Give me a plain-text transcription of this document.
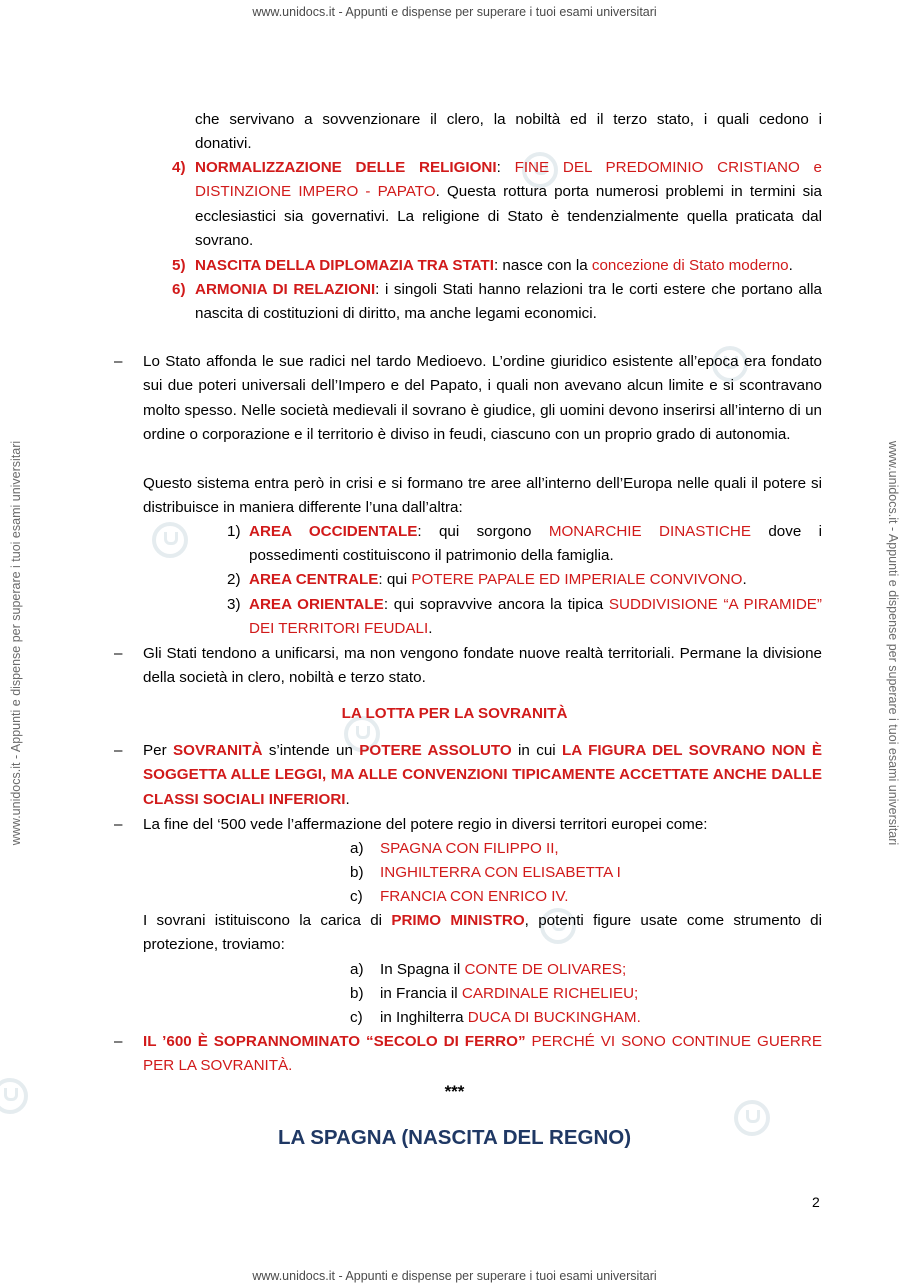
www.unidocs.it - Appunti e dispense per superare i tuoi esami universitari
www.unidocs.it - Appunti e dispense per superare i tuoi esami universitari
www.unidocs.it - Appunti e dispense per superare i tuoi esami universitari	www.unidocs.it - Appunti e dispense per superare i tuoi esami universitari
che servivano a sovvenzionare il clero, la nobiltà ed il terzo stato, i quali cedono i
donativi.
4) NORMALIZZAZIONE DELLE RELIGIONI: FINE DEL PREDOMINIO CRISTIANO e DISTINZIONE IMPERO - PAPATO. Questa rottura porta numerosi problemi in termini sia ecclesiastici sia governativi. La religione di Stato è tendenzialmente quella praticata dal sovrano.
5) NASCITA DELLA DIPLOMAZIA TRA STATI: nasce con la concezione di Stato moderno.
6) ARMONIA DI RELAZIONI: i singoli Stati hanno relazioni tra le corti estere che portano alla nascita di costituzioni di diritto, ma anche legami economici.
– Lo Stato affonda le sue radici nel tardo Medioevo. L’ordine giuridico esistente all’epoca era fondato sui due poteri universali dell’Impero e del Papato, i quali non avevano alcun limite e si scontravano molto spesso. Nelle società medievali il sovrano è giudice, gli uomini devono inserirsi all’interno di un ordine o corporazione e il territorio è diviso in feudi, ciascuno con un proprio grado di autonomia.
Questo sistema entra però in crisi e si formano tre aree all’interno dell’Europa nelle quali il potere si distribuisce in maniera differente l’una dall’altra:
1) AREA OCCIDENTALE: qui sorgono MONARCHIE DINASTICHE dove i possedimenti costituiscono il patrimonio della famiglia.
2) AREA CENTRALE: qui POTERE PAPALE ED IMPERIALE CONVIVONO.
3) AREA ORIENTALE: qui sopravvive ancora la tipica SUDDIVISIONE “A PIRAMIDE” DEI TERRITORI FEUDALI.
– Gli Stati tendono a unificarsi, ma non vengono fondate nuove realtà territoriali. Permane la divisione della società in clero, nobiltà e terzo stato.
LA LOTTA PER LA SOVRANITÀ
– Per SOVRANITÀ s’intende un POTERE ASSOLUTO in cui LA FIGURA DEL SOVRANO NON È SOGGETTA ALLE LEGGI, MA ALLE CONVENZIONI TIPICAMENTE ACCETTATE ANCHE DALLE CLASSI SOCIALI INFERIORI.
– La fine del ‘500 vede l’affermazione del potere regio in diversi territori europei come:
a) SPAGNA CON FILIPPO II,
b) INGHILTERRA CON ELISABETTA I
c) FRANCIA CON ENRICO IV.
I sovrani istituiscono la carica di PRIMO MINISTRO, potenti figure usate come strumento di protezione, troviamo:
a) In Spagna il CONTE DE OLIVARES;
b) in Francia il CARDINALE RICHELIEU;
c) in Inghilterra DUCA DI BUCKINGHAM.
– IL ’600 È SOPRANNOMINATO “SECOLO DI FERRO” PERCHÉ VI SONO CONTINUE GUERRE PER LA SOVRANITÀ.
***
LA SPAGNA (NASCITA DEL REGNO)
2
